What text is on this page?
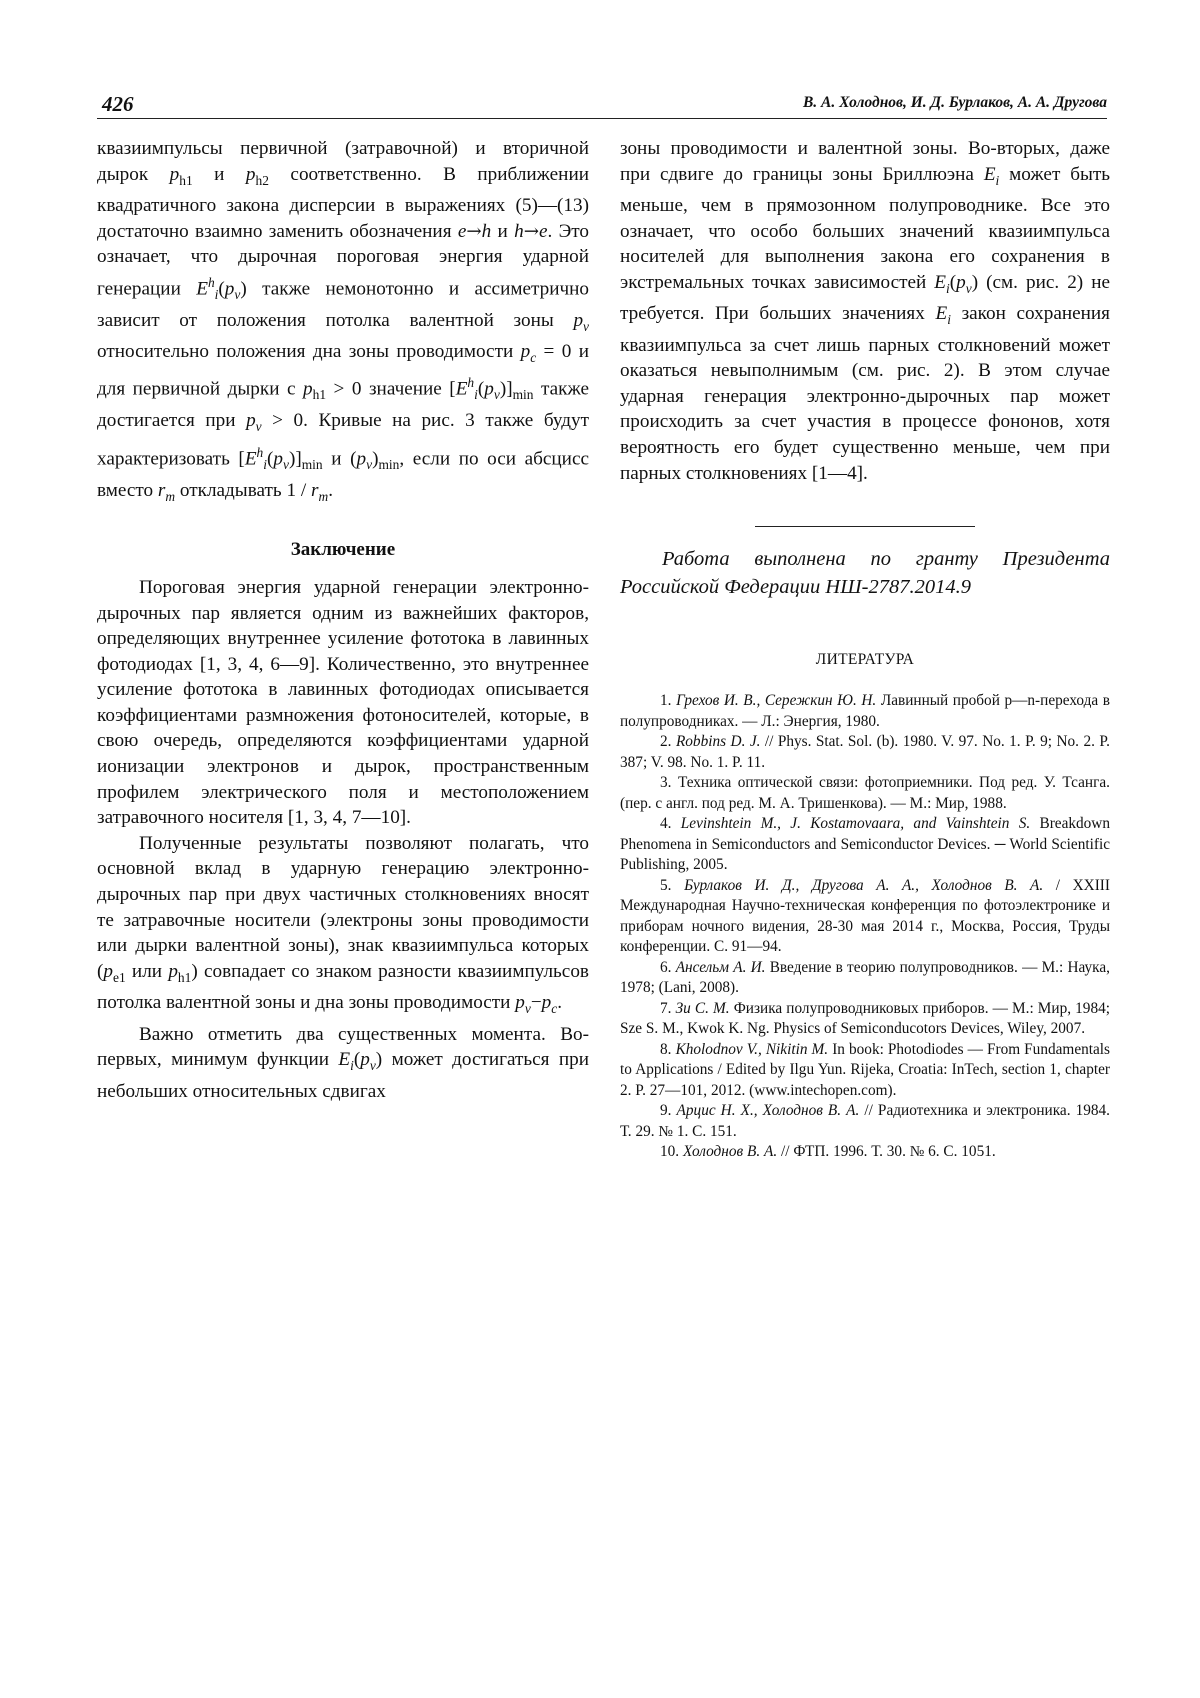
426	В. А. Холоднов, И. Д. Бурлаков, А. А. Другова

квазиимпульсы первичной (затравочной) и вторичной дырок $p_{h1}$ и $p_{h2}$ соответственно. В приближении квадратичного закона дисперсии в выражениях (5)—(13) достаточно взаимно заменить обозначения e→h и h→e. Это означает, что дырочная пороговая энергия ударной генерации $E^h_i(p_v)$ также немонотонно и ассиметрично зависит от положения потолка валентной зоны $p_v$ относительно положения дна зоны проводимости $p_c = 0$ и для первичной дырки с $p_{h1} > 0$ значение $[E^h_i(p_v)]_{min}$ также достигается при $p_v > 0$. Кривые на рис. 3 также будут характеризовать $[E^h_i(p_v)]_{min}$ и $(p_v)_{min}$, если по оси абсцисс вместо $r_m$ откладывать $1 / r_m$.

Заключение

Пороговая энергия ударной генерации электронно-дырочных пар является одним из важнейших факторов, определяющих внутреннее усиление фототока в лавинных фотодиодах [1, 3, 4, 6—9]. Количественно, это внутреннее усиление фототока в лавинных фотодиодах описывается коэффициентами размножения фотоносителей, которые, в свою очередь, определяются коэффициентами ударной ионизации электронов и дырок, пространственным профилем электрического поля и местоположением затравочного носителя [1, 3, 4, 7—10].

Полученные результаты позволяют полагать, что основной вклад в ударную генерацию электронно-дырочных пар при двух частичных столкновениях вносят те затравочные носители (электроны зоны проводимости или дырки валентной зоны), знак квазиимпульса которых ($p_{e1}$ или $p_{h1}$) совпадает со знаком разности квазиимпульсов потолка валентной зоны и дна зоны проводимости $p_v-p_c$.

Важно отметить два существенных момента. Во-первых, минимум функции $E_i(p_v)$ может достигаться при небольших относительных сдвигах

зоны проводимости и валентной зоны. Во-вторых, даже при сдвиге до границы зоны Бриллюэна $E_i$ может быть меньше, чем в прямозонном полупроводнике. Все это означает, что особо больших значений квазиимпульса носителей для выполнения закона его сохранения в экстремальных точках зависимостей $E_i(p_v)$ (см. рис. 2) не требуется. При больших значениях $E_i$ закон сохранения квазиимпульса за счет лишь парных столкновений может оказаться невыполнимым (см. рис. 2). В этом случае ударная генерация электронно-дырочных пар может происходить за счет участия в процессе фононов, хотя вероятность его будет существенно меньше, чем при парных столкновениях [1—4].

Работа выполнена по гранту Президента Российской Федерации НШ-2787.2014.9

ЛИТЕРАТУРА

1. Грехов И. В., Сережкин Ю. Н. Лавинный пробой p—n-перехода в полупроводниках. — Л.: Энергия, 1980.

2. Robbins D. J. // Phys. Stat. Sol. (b). 1980. V. 97. No. 1. P. 9; No. 2. P. 387; V. 98. No. 1. P. 11.

3. Техника оптической связи: фотоприемники. Под ред. У. Тсанга. (пер. с англ. под ред. М. А. Тришенкова). — М.: Мир, 1988.

4. Levinshtein M., J. Kostamovaara, and Vainshtein S. Breakdown Phenomena in Semiconductors and Semiconductor Devices. ─ World Scientific Publishing, 2005.

5. Бурлаков И. Д., Другова А. А., Холоднов В. А. / XXIII Международная Научно-техническая конференция по фотоэлектронике и приборам ночного видения, 28-30 мая 2014 г., Москва, Россия, Труды конференции. С. 91—94.

6. Ансельм А. И. Введение в теорию полупроводников. — М.: Наука, 1978; (Lani, 2008).

7. Зи С. М. Физика полупроводниковых приборов. — М.: Мир, 1984; Sze S. M., Kwok K. Ng. Physics of Semiconducotors Devices, Wiley, 2007.

8. Kholodnov V., Nikitin M. In book: Photodiodes — From Fundamentals to Applications / Edited by Ilgu Yun. Rijeka, Croatia: InTech, section 1, chapter 2. P. 27—101, 2012. (www.intechopen.com).

9. Арцис Н. Х., Холоднов В. А. // Радиотехника и электроника. 1984. Т. 29. № 1. С. 151.

10. Холоднов В. А. // ФТП. 1996. Т. 30. № 6. С. 1051.
